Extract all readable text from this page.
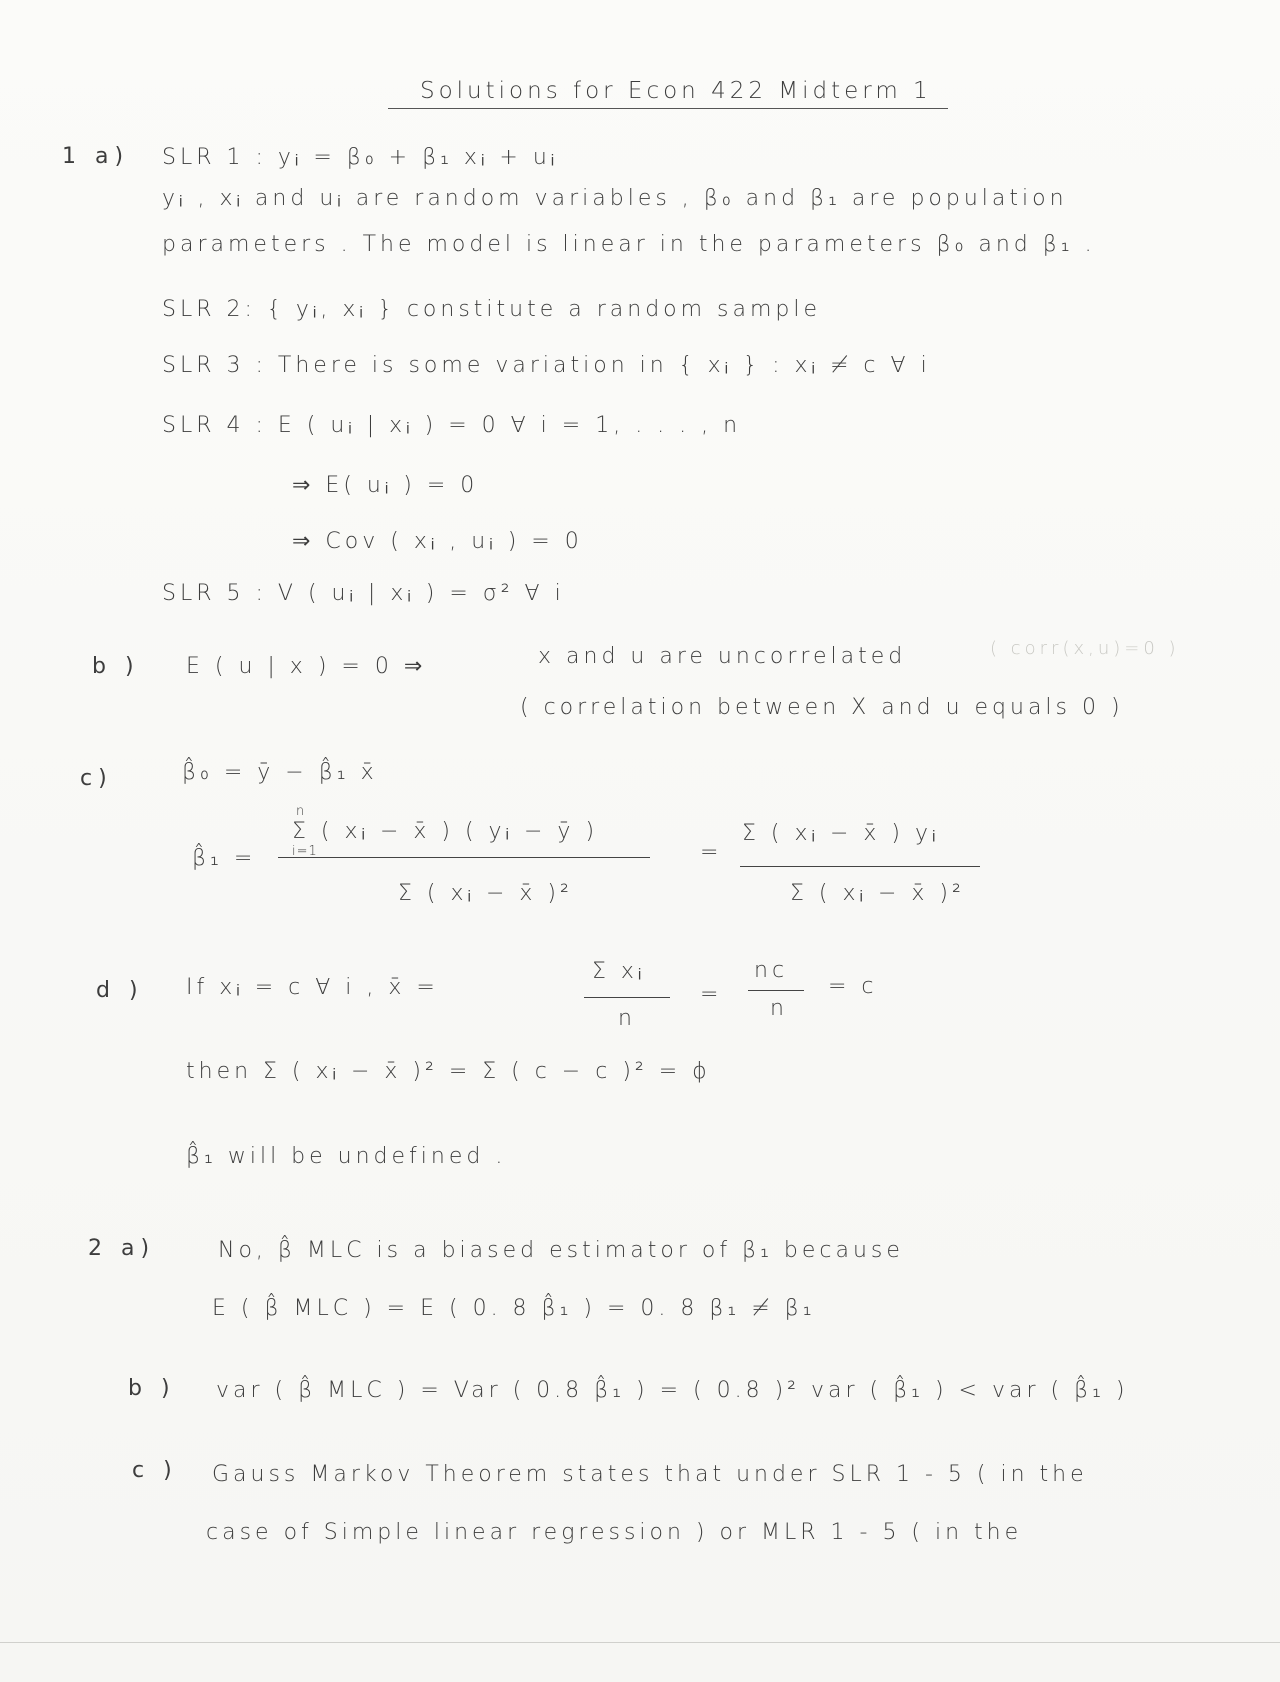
Solutions for Econ 422 Midterm 1
1 a) SLR 1 : yᵢ = β₀ + β₁ xᵢ + uᵢ
yᵢ , xᵢ and uᵢ are random variables , β₀ and β₁ are population
parameters . The model is linear in the parameters β₀ and β₁ .
SLR 2: { yᵢ, xᵢ } constitute a random sample
SLR 3 : There is some variation in { xᵢ } : xᵢ ≠ c ∀ i
SLR 4 : E ( uᵢ | xᵢ ) = 0 ∀ i = 1, . . . , n
⇒ E( uᵢ ) = 0
⇒ Cov ( xᵢ , uᵢ ) = 0
SLR 5 : V ( uᵢ | xᵢ ) = σ² ∀ i
b ) E ( u | x ) = 0 ⇒	x and u are uncorrelated	( corr(x,u)=0 )
( correlation between X and u equals 0 )
c)	β̂₀ = ȳ − β̂₁ x̄
β̂₁ =
Σ ( xᵢ − x̄ ) ( yᵢ − ȳ )
Σ ( xᵢ − x̄ )²
=
Σ ( xᵢ − x̄ ) yᵢ
Σ ( xᵢ − x̄ )²
n
i=1
d ) If xᵢ = c ∀ i , x̄ =
Σ xᵢ
n
=
nc
n
= c
then Σ ( xᵢ − x̄ )² = Σ ( c − c )² = ϕ
β̂₁ will be undefined .
2 a)	No, β̂ MLC is a biased estimator of β₁ because
E ( β̂ MLC ) = E ( 0. 8 β̂₁ ) = 0. 8 β₁ ≠ β₁
b ) var ( β̂ MLC ) = Var ( 0.8 β̂₁ ) = ( 0.8 )² var ( β̂₁ ) < var ( β̂₁ )
c ) Gauss Markov Theorem states that under SLR 1 - 5 ( in the
case of Simple linear regression ) or MLR 1 - 5 ( in the
